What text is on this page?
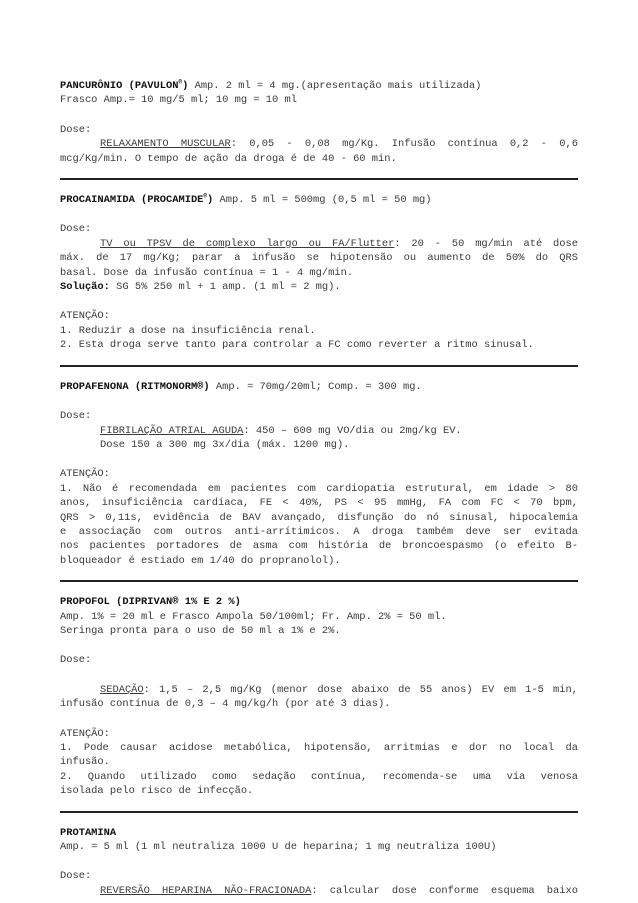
PANCURÔNIO (PAVULON®) Amp. 2 ml = 4 mg.(apresentação mais utilizada)

Frasco Amp.= 10 mg/5 ml; 10 mg = 10 ml

Dose:

RELAXAMENTO MUSCULAR: 0,05 - 0,08 mg/Kg. Infusão contínua 0,2 - 0,6

mcg/Kg/min. O tempo de ação da droga é de 40 - 60 min.

PROCAINAMIDA (PROCAMIDE®) Amp. 5 ml = 500mg (0,5 ml = 50 mg)

Dose:

TV ou TPSV de complexo largo ou FA/Flutter: 20 - 50 mg/min até dose

máx. de 17 mg/Kg; parar a infusão se hipotensão ou aumento de 50% do QRS

basal. Dose da infusão contínua = 1 - 4 mg/min.

Solução: SG 5% 250 ml + 1 amp. (1 ml = 2 mg).

ATENÇÃO:

1. Reduzir a dose na insuficiência renal.

2. Esta droga serve tanto para controlar a FC como reverter a ritmo sinusal.

PROPAFENONA (RITMONORM®) Amp. = 70mg/20ml; Comp. = 300 mg.

Dose:

FIBRILAÇÃO ATRIAL AGUDA: 450 – 600 mg VO/dia ou 2mg/kg EV.

Dose 150 a 300 mg 3x/dia (máx. 1200 mg).

ATENÇÃO:

1. Não é recomendada em pacientes com cardiopatia estrutural, em idade > 80

anos, insuficiência cardíaca, FE < 40%, PS < 95 mmHg, FA com FC < 70 bpm,

QRS > 0,11s, evidência de BAV avançado, disfunção do nó sinusal, hipocalemia

e associação com outros anti-arrítimicos. A droga também deve ser evitada

nos pacientes portadores de asma com história de broncoespasmo (o efeito B-

bloqueador é estiado em 1/40 do propranolol).

PROPOFOL (DIPRIVAN® 1% E 2 %)

Amp. 1% = 20 ml e Frasco Ampola 50/100ml; Fr. Amp. 2% = 50 ml.

Seringa pronta para o uso de 50 ml a 1% e 2%.

Dose:

SEDAÇÃO: 1,5 – 2,5 mg/Kg (menor dose abaixo de 55 anos) EV em 1-5 min,

infusão contínua de 0,3 – 4 mg/kg/h (por até 3 dias).

ATENÇÃO:

1. Pode causar acidose metabólica, hipotensão, arritmias e dor no local da

infusão.

2. Quando utilizado como sedação contínua, recomenda-se uma via venosa

isolada pelo risco de infecção.

PROTAMINA

Amp. = 5 ml (1 ml neutraliza 1000 U de heparina; 1 mg neutraliza 100U)

Dose:

REVERSÃO HEPARINA NÃO-FRACIONADA: calcular dose conforme esquema baixo
